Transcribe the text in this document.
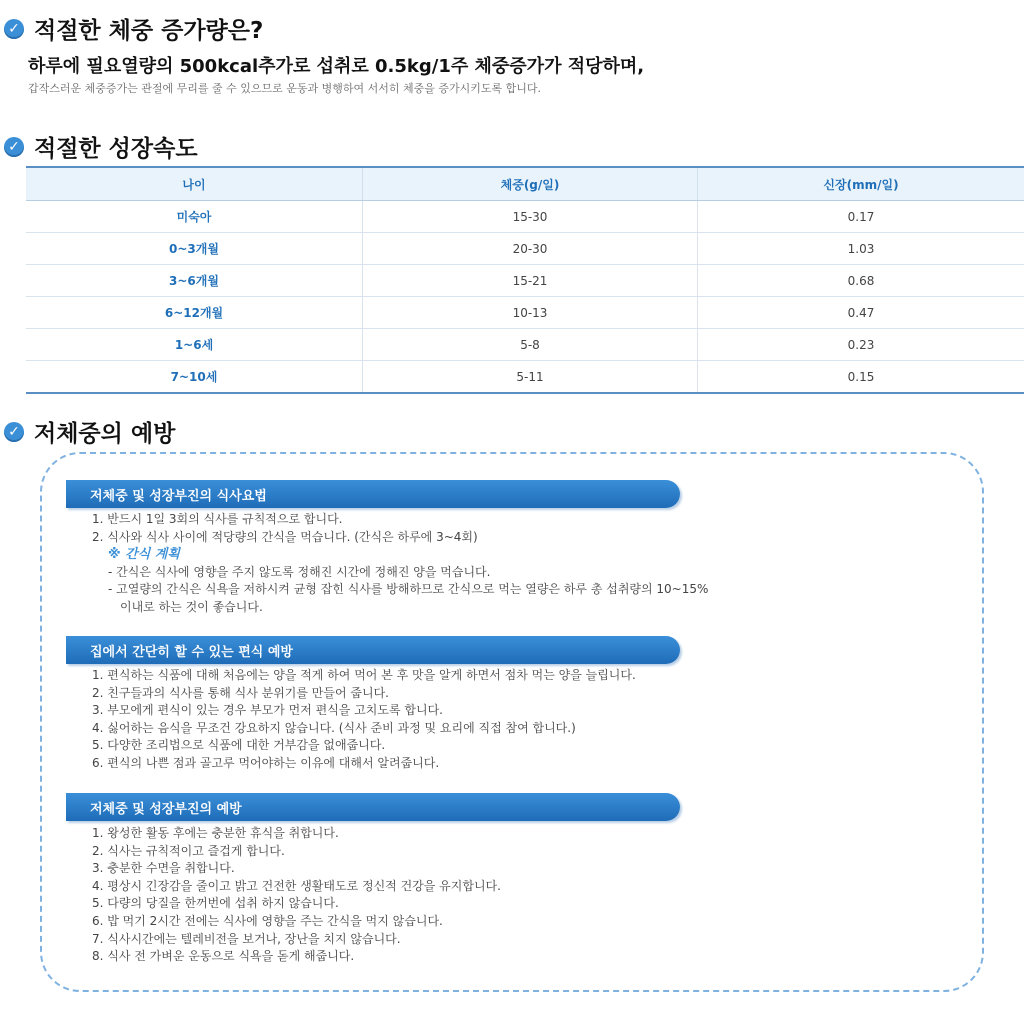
✓ 적절한 체중 증가량은?
하루에 필요열량의 500kcal추가로 섭취로 0.5kg/1주 체중증가가 적당하며,
갑작스러운 체중증가는 관절에 무리를 줄 수 있으므로 운동과 병행하여 서서히 체중을 증가시키도록 합니다.
✓ 적절한 성장속도
나이	체중(g/일)	신장(mm/일)
미숙아	15-30	0.17
0~3개월	20-30	1.03
3~6개월	15-21	0.68
6~12개월	10-13	0.47
1~6세	5-8	0.23
7~10세	5-11	0.15
✓ 저체중의 예방
저체중 및 성장부진의 식사요법
1. 반드시 1일 3회의 식사를 규칙적으로 합니다.
2. 식사와 식사 사이에 적당량의 간식을 먹습니다. (간식은 하루에 3~4회)
※ 간식 계획
- 간식은 식사에 영향을 주지 않도록 정해진 시간에 정해진 양을 먹습니다.
- 고열량의 간식은 식욕을 저하시켜 균형 잡힌 식사를 방해하므로 간식으로 먹는 열량은 하루 총 섭취량의 10~15%
이내로 하는 것이 좋습니다.
집에서 간단히 할 수 있는 편식 예방
1. 편식하는 식품에 대해 처음에는 양을 적게 하여 먹어 본 후 맛을 알게 하면서 점차 먹는 양을 늘립니다.
2. 친구들과의 식사를 통해 식사 분위기를 만들어 줍니다.
3. 부모에게 편식이 있는 경우 부모가 먼저 편식을 고치도록 합니다.
4. 싫어하는 음식을 무조건 강요하지 않습니다. (식사 준비 과정 및 요리에 직접 참여 합니다.)
5. 다양한 조리법으로 식품에 대한 거부감을 없애줍니다.
6. 편식의 나쁜 점과 골고루 먹어야하는 이유에 대해서 알려줍니다.
저체중 및 성장부진의 예방
1. 왕성한 활동 후에는 충분한 휴식을 취합니다.
2. 식사는 규칙적이고 즐겁게 합니다.
3. 충분한 수면을 취합니다.
4. 평상시 긴장감을 줄이고 밝고 건전한 생활태도로 정신적 건강을 유지합니다.
5. 다량의 당질을 한꺼번에 섭취 하지 않습니다.
6. 밥 먹기 2시간 전에는 식사에 영향을 주는 간식을 먹지 않습니다.
7. 식사시간에는 텔레비전을 보거나, 장난을 치지 않습니다.
8. 식사 전 가벼운 운동으로 식욕을 돋게 해줍니다.
